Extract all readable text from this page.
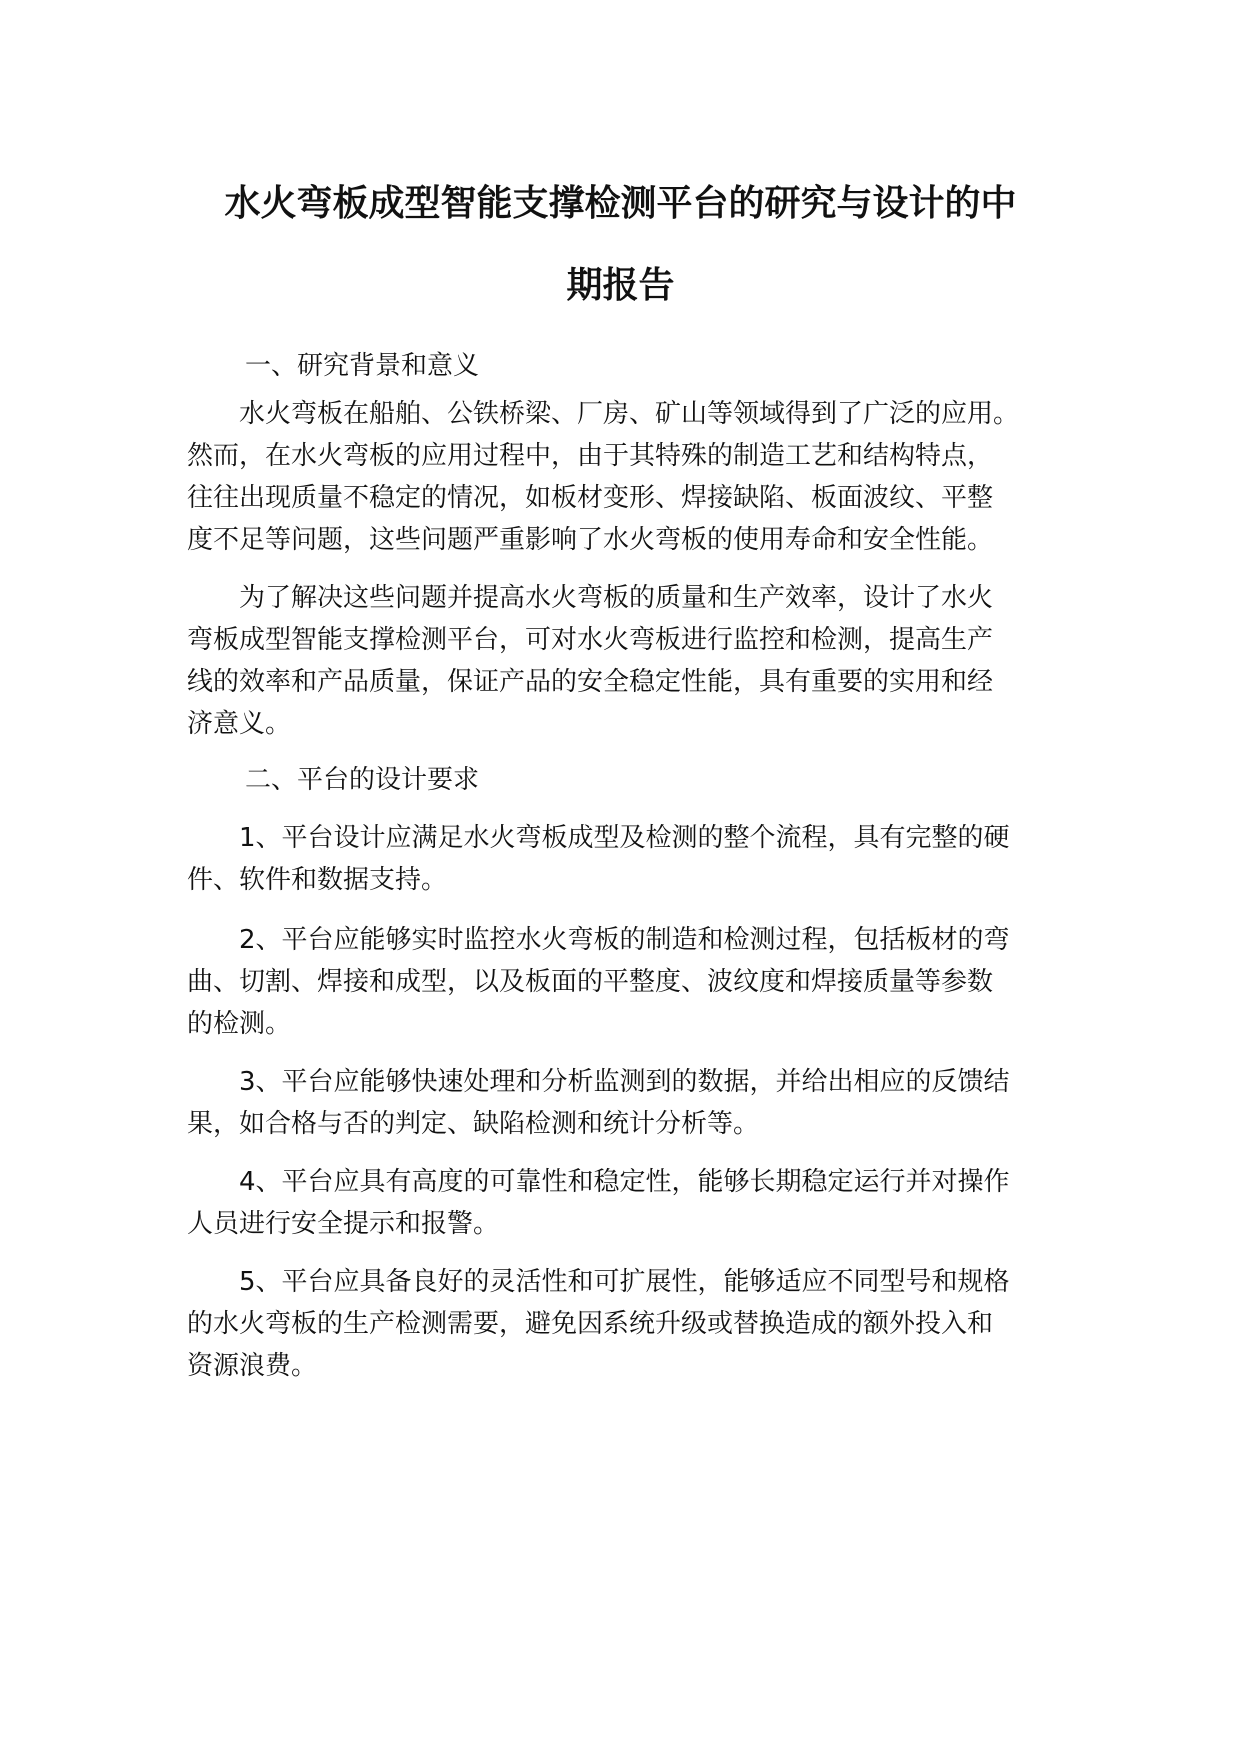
水火弯板成型智能支撑检测平台的研究与设计的中
期报告

一、研究背景和意义

　　水火弯板在船舶、公铁桥梁、厂房、矿山等领域得到了广泛的应用。

然而，在水火弯板的应用过程中，由于其特殊的制造工艺和结构特点，

往往出现质量不稳定的情况，如板材变形、焊接缺陷、板面波纹、平整

度不足等问题，这些问题严重影响了水火弯板的使用寿命和安全性能。

　　为了解决这些问题并提高水火弯板的质量和生产效率，设计了水火

弯板成型智能支撑检测平台，可对水火弯板进行监控和检测，提高生产

线的效率和产品质量，保证产品的安全稳定性能，具有重要的实用和经

济意义。

二、平台的设计要求

　　1、平台设计应满足水火弯板成型及检测的整个流程，具有完整的硬

件、软件和数据支持。

　　2、平台应能够实时监控水火弯板的制造和检测过程，包括板材的弯

曲、切割、焊接和成型，以及板面的平整度、波纹度和焊接质量等参数

的检测。

　　3、平台应能够快速处理和分析监测到的数据，并给出相应的反馈结

果，如合格与否的判定、缺陷检测和统计分析等。

　　4、平台应具有高度的可靠性和稳定性，能够长期稳定运行并对操作

人员进行安全提示和报警。

　　5、平台应具备良好的灵活性和可扩展性，能够适应不同型号和规格

的水火弯板的生产检测需要，避免因系统升级或替换造成的额外投入和

资源浪费。
